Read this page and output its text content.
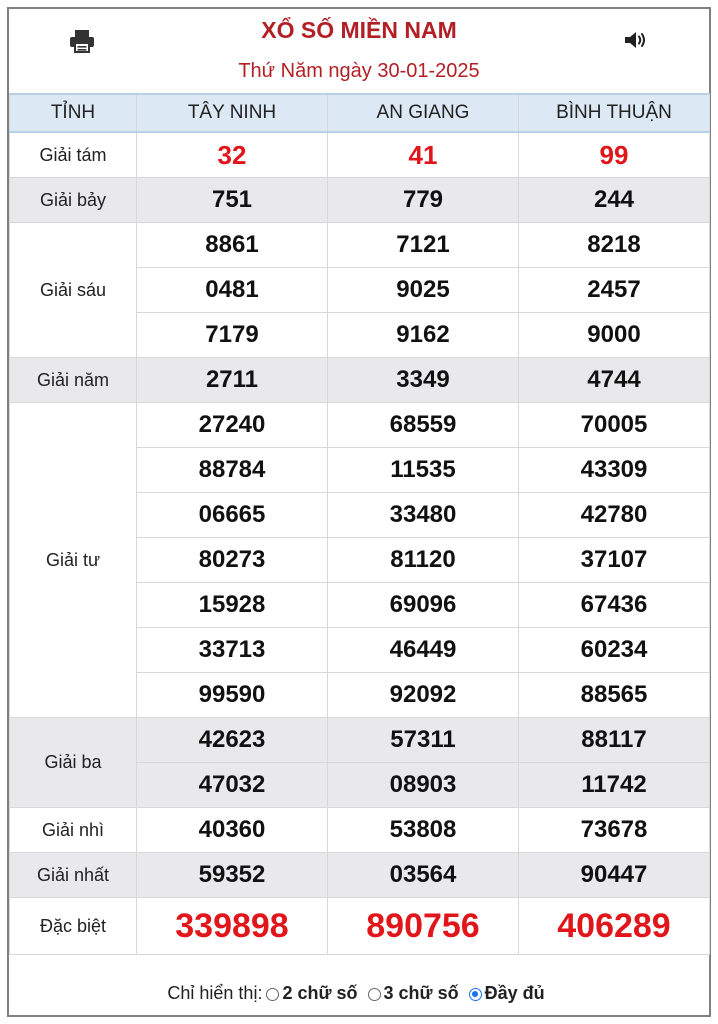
XỔ SỐ MIỀN NAM
Thứ Năm ngày 30-01-2025
TỈNH	TÂY NINH	AN GIANG	BÌNH THUẬN
Giải tám	32	41	99
Giải bảy	751	779	244
Giải sáu	8861	7121	8218
	0481	9025	2457
	7179	9162	9000
Giải năm	2711	3349	4744
Giải tư	27240	68559	70005
	88784	11535	43309
	06665	33480	42780
	80273	81120	37107
	15928	69096	67436
	33713	46449	60234
	99590	92092	88565
Giải ba	42623	57311	88117
	47032	08903	11742
Giải nhì	40360	53808	73678
Giải nhất	59352	03564	90447
Đặc biệt	339898	890756	406289
Chỉ hiển thị: 2 chữ số 3 chữ số Đầy đủ
